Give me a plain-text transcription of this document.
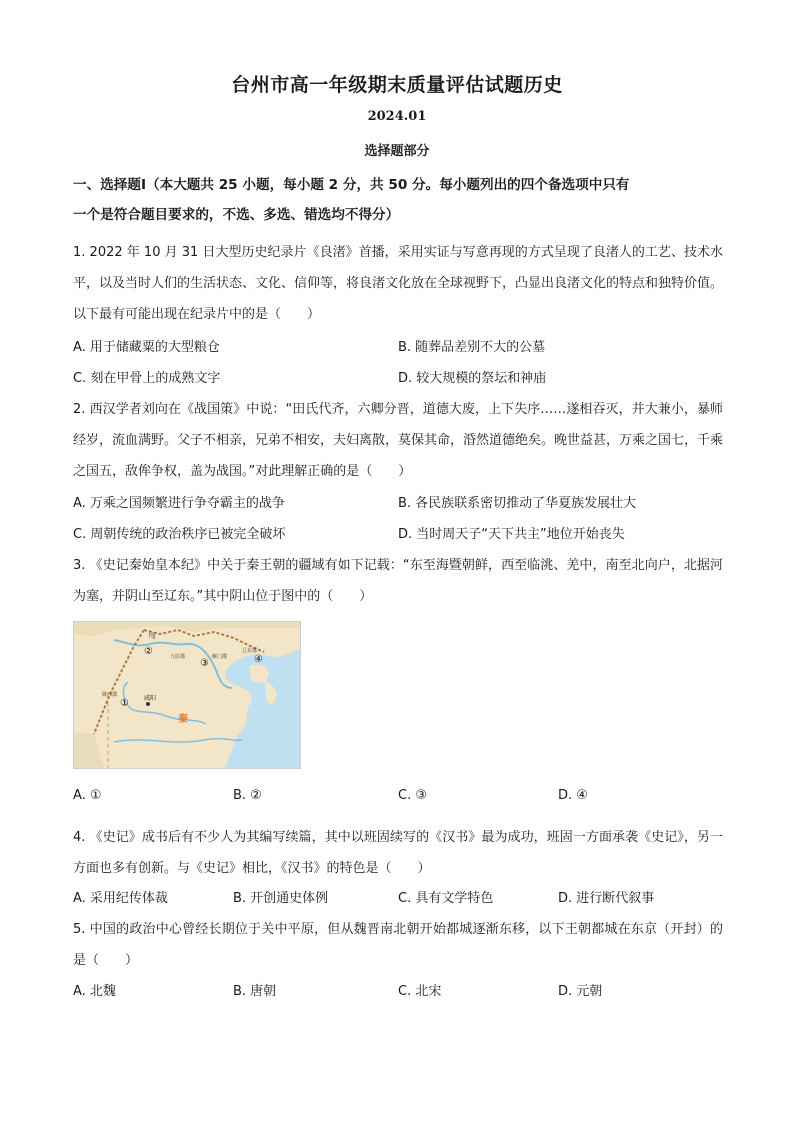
台州市高一年级期末质量评估试题历史
2024.01
选择题部分
一、选择题Ⅰ（本大题共 25 小题，每小题 2 分，共 50 分。每小题列出的四个备选项中只有
一个是符合题目要求的，不选、多选、错选均不得分）
1. 2022 年 10 月 31 日大型历史纪录片《良渚》首播，采用实证与写意再现的方式呈现了良渚人的工艺、技术水平，以及当时人们的生活状态、文化、信仰等，将良渚文化放在全球视野下，凸显出良渚文化的特点和独特价值。以下最有可能出现在纪录片中的是（　　）
A. 用于储藏粟的大型粮仓	B. 随葬品差别不大的公墓
C. 刻在甲骨上的成熟文字	D. 较大规模的祭坛和神庙
2. 西汉学者刘向在《战国策》中说：“田氏代齐，六卿分晋，道德大废，上下失序……遂相吞灭，并大兼小，暴师经岁，流血满野。父子不相亲，兄弟不相安，夫妇离散，莫保其命，涽然道德绝矣。晚世益甚，万乘之国七，千乘之国五，敌侔争权，盖为战国。”对此理解正确的是（　　）
A. 万乘之国频繁进行争夺霸主的战争	B. 各民族联系密切推动了华夏族发展壮大
C. 周朝传统的政治秩序已被完全破坏	D. 当时周天子“天下共主”地位开始丧失
3. 《史记秦始皇本纪》中关于秦王朝的疆域有如下记载：“东至海暨朝鲜，西至临洮、羌中，南至北向户，北据河为塞，并阴山至辽东。”其中阴山位于图中的（　　）
匈
②	九原郡
③
雁门郡
辽东郡
④
①
陇西郡	咸阳
秦
A. ①	B. ②	C. ③	D. ④
4. 《史记》成书后有不少人为其编写续篇，其中以班固续写的《汉书》最为成功，班固一方面承袭《史记》，另一方面也多有创新。与《史记》相比，《汉书》的特色是（　　）
A. 采用纪传体裁	B. 开创通史体例	C. 具有文学特色	D. 进行断代叙事
5. 中国的政治中心曾经长期位于关中平原，但从魏晋南北朝开始都城逐渐东移，以下王朝都城在东京（开封）的是（　　）
A. 北魏	B. 唐朝	C. 北宋	D. 元朝
